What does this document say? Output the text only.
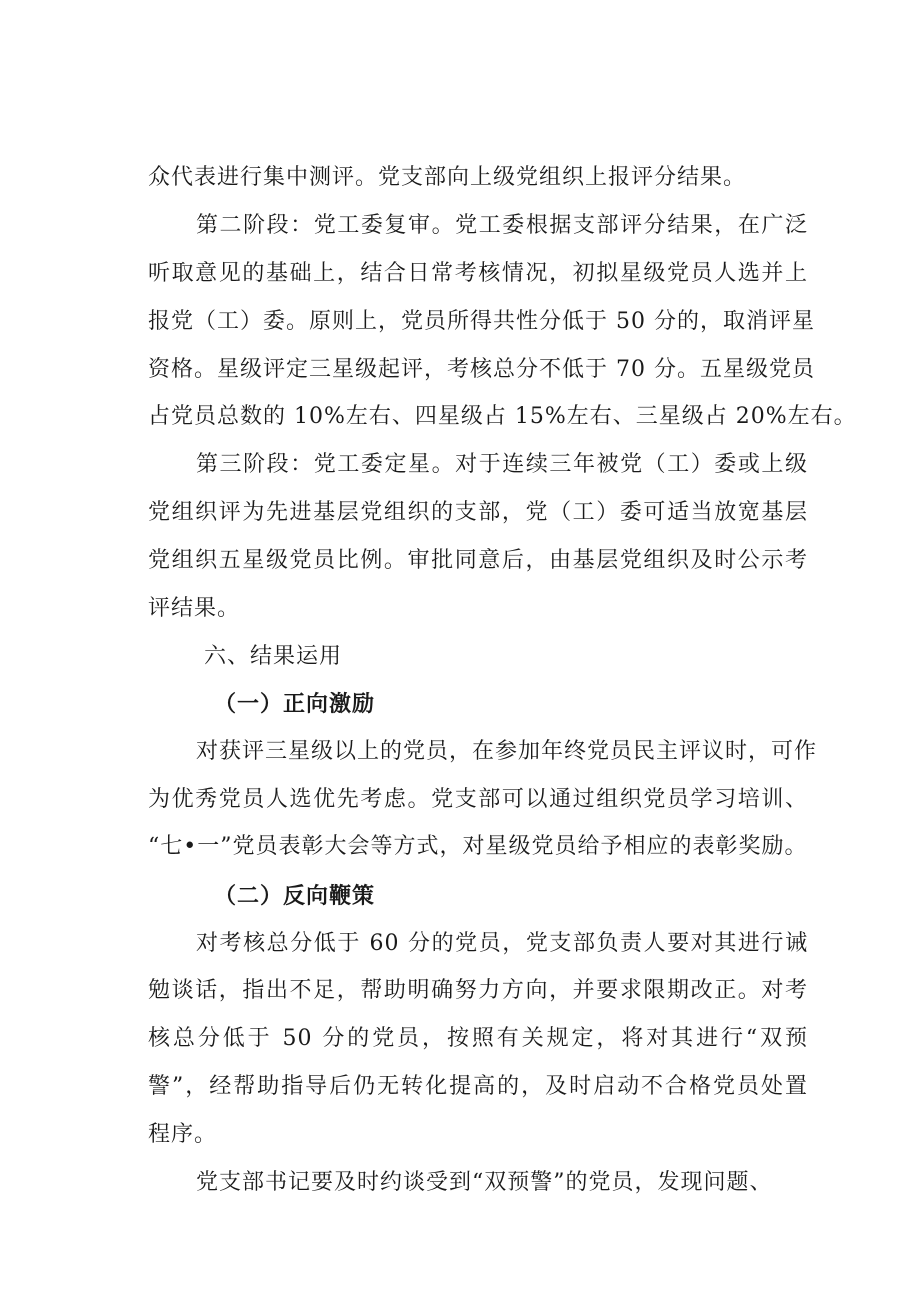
众代表进行集中测评。党支部向上级党组织上报评分结果。
第二阶段：党工委复审。党工委根据支部评分结果，在广泛
听取意见的基础上，结合日常考核情况，初拟星级党员人选并上
报党（工）委。原则上，党员所得共性分低于 50 分的，取消评星
资格。星级评定三星级起评，考核总分不低于 70 分。五星级党员
占党员总数的 10%左右、四星级占 15%左右、三星级占 20%左右。
第三阶段：党工委定星。对于连续三年被党（工）委或上级
党组织评为先进基层党组织的支部，党（工）委可适当放宽基层
党组织五星级党员比例。审批同意后，由基层党组织及时公示考
评结果。
六、结果运用
（一）正向激励
对获评三星级以上的党员，在参加年终党员民主评议时，可作
为优秀党员人选优先考虑。党支部可以通过组织党员学习培训、
“七•一”党员表彰大会等方式，对星级党员给予相应的表彰奖励。
（二）反向鞭策
对考核总分低于 60 分的党员，党支部负责人要对其进行诫
勉谈话，指出不足，帮助明确努力方向，并要求限期改正。对考
核总分低于 50 分的党员，按照有关规定，将对其进行“双预
警”，经帮助指导后仍无转化提高的，及时启动不合格党员处置
程序。
党支部书记要及时约谈受到“双预警”的党员，发现问题、
